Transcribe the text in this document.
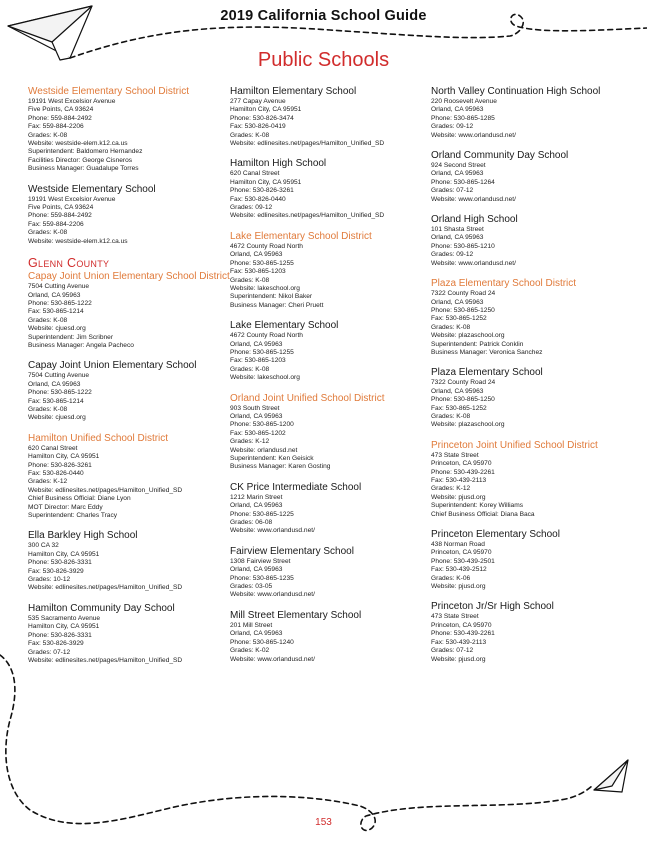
2019 California School Guide
Public Schools
Westside Elementary School District
19191 West Excelsior Avenue
Five Points, CA 93624
Phone: 559-884-2492
Fax: 559-884-2206
Grades: K-08
Website: westside-elem.k12.ca.us
Superintendent: Baldomero Hernandez
Facilities Director: George Cisneros
Business Manager: Guadalupe Torres
Westside Elementary School
19191 West Excelsior Avenue
Five Points, CA 93624
Phone: 559-884-2492
Fax: 559-884-2206
Grades: K-08
Website: westside-elem.k12.ca.us
Glenn County
Capay Joint Union Elementary School District
7504 Cutting Avenue
Orland, CA 95963
Phone: 530-865-1222
Fax: 530-865-1214
Grades: K-08
Website: cjuesd.org
Superintendent: Jim Scribner
Business Manager: Angela Pacheco
Capay Joint Union Elementary School
7504 Cutting Avenue
Orland, CA 95963
Phone: 530-865-1222
Fax: 530-865-1214
Grades: K-08
Website: cjuesd.org
Hamilton Unified School District
620 Canal Street
Hamilton City, CA 95951
Phone: 530-826-3261
Fax: 530-826-0440
Grades: K-12
Website: edlinesites.net/pages/Hamilton_Unified_SD
Chief Business Official: Diane Lyon
MOT Director: Marc Eddy
Superintendent: Charles Tracy
Ella Barkley High School
300 CA 32
Hamilton City, CA 95951
Phone: 530-826-3331
Fax: 530-826-3929
Grades: 10-12
Website: edlinesites.net/pages/Hamilton_Unified_SD
Hamilton Community Day School
535 Sacramento Avenue
Hamilton City, CA 95951
Phone: 530-826-3331
Fax: 530-826-3929
Grades: 07-12
Website: edlinesites.net/pages/Hamilton_Unified_SD
Hamilton Elementary School
277 Capay Avenue
Hamilton City, CA 95951
Phone: 530-826-3474
Fax: 530-826-0419
Grades: K-08
Website: edlinesites.net/pages/Hamilton_Unified_SD
Hamilton High School
620 Canal Street
Hamilton City, CA 95951
Phone: 530-826-3261
Fax: 530-826-0440
Grades: 09-12
Website: edlinesites.net/pages/Hamilton_Unified_SD
Lake Elementary School District
4672 County Road North
Orland, CA 95963
Phone: 530-865-1255
Fax: 530-865-1203
Grades: K-08
Website: lakeschool.org
Superintendent: Nikol Baker
Business Manager: Cheri Pruett
Lake Elementary School
4672 County Road North
Orland, CA 95963
Phone: 530-865-1255
Fax: 530-865-1203
Grades: K-08
Website: lakeschool.org
Orland Joint Unified School District
903 South Street
Orland, CA 95963
Phone: 530-865-1200
Fax: 530-865-1202
Grades: K-12
Website: orlandusd.net
Superintendent: Ken Geisick
Business Manager: Karen Gosting
CK Price Intermediate School
1212 Marin Street
Orland, CA 95963
Phone: 530-865-1225
Grades: 06-08
Website: www.orlandusd.net/
Fairview Elementary School
1308 Fairview Street
Orland, CA 95963
Phone: 530-865-1235
Grades: 03-05
Website: www.orlandusd.net/
Mill Street Elementary School
201 Mill Street
Orland, CA 95963
Phone: 530-865-1240
Grades: K-02
Website: www.orlandusd.net/
North Valley Continuation High School
220 Roosevelt Avenue
Orland, CA 95963
Phone: 530-865-1285
Grades: 09-12
Website: www.orlandusd.net/
Orland Community Day School
924 Second Street
Orland, CA 95963
Phone: 530-865-1264
Grades: 07-12
Website: www.orlandusd.net/
Orland High School
101 Shasta Street
Orland, CA 95963
Phone: 530-865-1210
Grades: 09-12
Website: www.orlandusd.net/
Plaza Elementary School District
7322 County Road 24
Orland, CA 95963
Phone: 530-865-1250
Fax: 530-865-1252
Grades: K-08
Website: plazaschool.org
Superintendent: Patrick Conklin
Business Manager: Veronica Sanchez
Plaza Elementary School
7322 County Road 24
Orland, CA 95963
Phone: 530-865-1250
Fax: 530-865-1252
Grades: K-08
Website: plazaschool.org
Princeton Joint Unified School District
473 State Street
Princeton, CA 95970
Phone: 530-439-2261
Fax: 530-439-2113
Grades: K-12
Website: pjusd.org
Superintendent: Korey Williams
Chief Business Official: Diana Baca
Princeton Elementary School
438 Norman Road
Princeton, CA 95970
Phone: 530-439-2501
Fax: 530-439-2512
Grades: K-06
Website: pjusd.org
Princeton Jr/Sr High School
473 State Street
Princeton, CA 95970
Phone: 530-439-2261
Fax: 530-439-2113
Grades: 07-12
Website: pjusd.org
153
